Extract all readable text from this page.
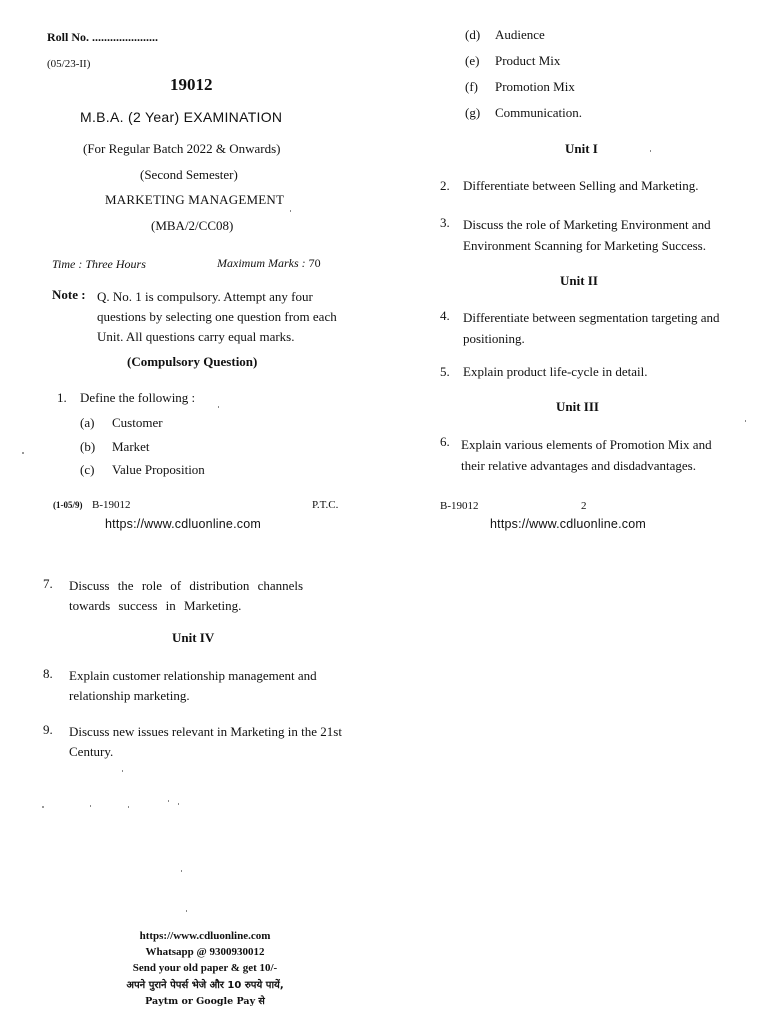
Roll No. ......................
(05/23-II)
19012
M.B.A. (2 Year) EXAMINATION
(For Regular Batch 2022 & Onwards)
(Second Semester)
MARKETING MANAGEMENT
(MBA/2/CC08)
Time : Three Hours	Maximum Marks : 70
Note : Q. No. 1 is compulsory. Attempt any four questions by selecting one question from each Unit. All questions carry equal marks.
(Compulsory Question)
1. Define the following :
(a) Customer
(b) Market
(c) Value Proposition
(1-05/9) B-19012	P.T.C.
https://www.cdluonline.com
(d) Audience
(e) Product Mix
(f) Promotion Mix
(g) Communication.
Unit I
2. Differentiate between Selling and Marketing.
3. Discuss the role of Marketing Environment and Environment Scanning for Marketing Success.
Unit II
4. Differentiate between segmentation targeting and positioning.
5. Explain product life-cycle in detail.
Unit III
6. Explain various elements of Promotion Mix and their relative advantages and disdadvantages.
B-19012	2
https://www.cdluonline.com
7. Discuss the role of distribution channels towards success in Marketing.
Unit IV
8. Explain customer relationship management and relationship marketing.
9. Discuss new issues relevant in Marketing in the 21st Century.
https://www.cdluonline.com
Whatsapp @ 9300930012
Send your old paper & get 10/-
अपने पुराने पेपर्स भेजे और 10 रुपये पायें,
Paytm or Google Pay से
